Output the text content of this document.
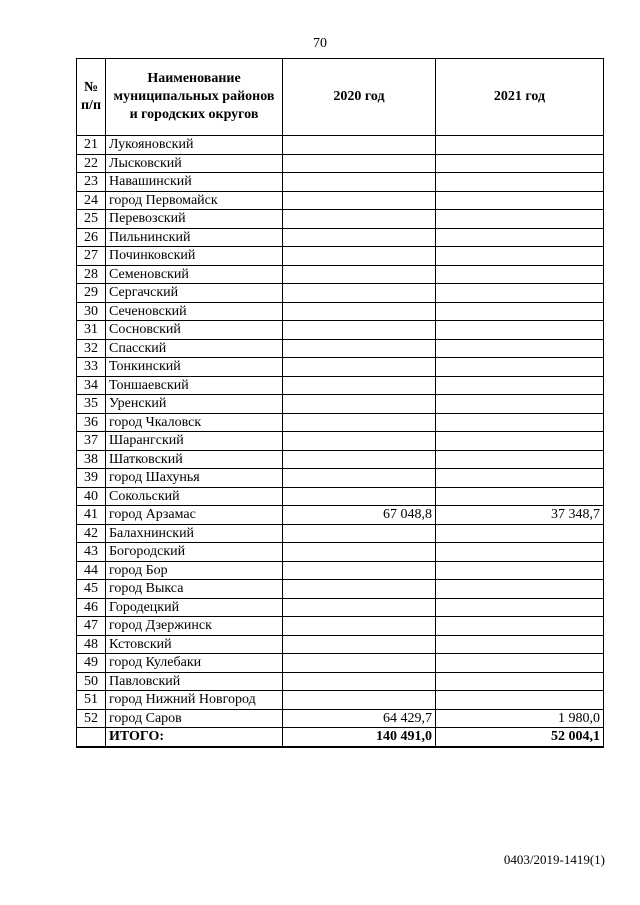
70
№ п/п	Наименование муниципальных районов и городских округов	2020 год	2021 год
21	Лукояновский		
22	Лысковский		
23	Навашинский		
24	город Первомайск		
25	Перевозский		
26	Пильнинский		
27	Починковский		
28	Семеновский		
29	Сергачский		
30	Сеченовский		
31	Сосновский		
32	Спасский		
33	Тонкинский		
34	Тоншаевский		
35	Уренский		
36	город Чкаловск		
37	Шарангский		
38	Шатковский		
39	город Шахунья		
40	Сокольский		
41	город Арзамас	67 048,8	37 348,7
42	Балахнинский		
43	Богородский		
44	город Бор		
45	город Выкса		
46	Городецкий		
47	город Дзержинск		
48	Кстовский		
49	город Кулебаки		
50	Павловский		
51	город Нижний Новгород		
52	город Саров	64 429,7	1 980,0
	ИТОГО:	140 491,0	52 004,1
0403/2019-1419(1)
